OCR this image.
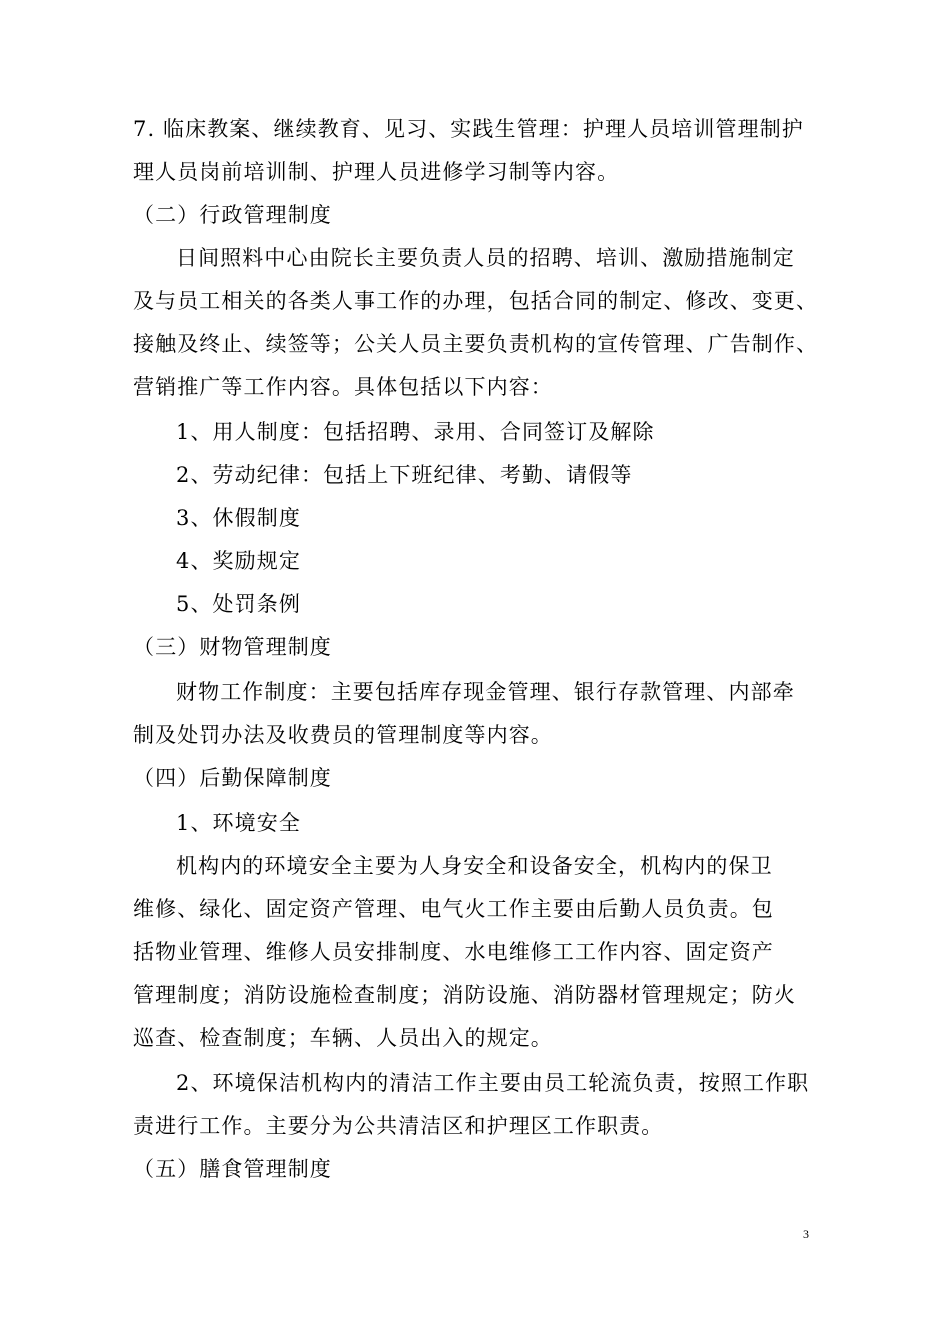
7. 临床教案、继续教育、见习、实践生管理：护理人员培训管理制护
理人员岗前培训制、护理人员进修学习制等内容。
（二）行政管理制度
日间照料中心由院长主要负责人员的招聘、培训、激励措施制定
及与员工相关的各类人事工作的办理，包括合同的制定、修改、变更、
接触及终止、续签等；公关人员主要负责机构的宣传管理、广告制作、
营销推广等工作内容。具体包括以下内容：
1、用人制度：包括招聘、录用、合同签订及解除
2、劳动纪律：包括上下班纪律、考勤、请假等
3、休假制度
4、奖励规定
5、处罚条例
（三）财物管理制度
财物工作制度：主要包括库存现金管理、银行存款管理、内部牵
制及处罚办法及收费员的管理制度等内容。
（四）后勤保障制度
1、环境安全
机构内的环境安全主要为人身安全和设备安全，机构内的保卫
维修、绿化、固定资产管理、电气火工作主要由后勤人员负责。包
括物业管理、维修人员安排制度、水电维修工工作内容、固定资产
管理制度；消防设施检查制度；消防设施、消防器材管理规定；防火
巡查、检查制度；车辆、人员出入的规定。
2、环境保洁机构内的清洁工作主要由员工轮流负责，按照工作职
责进行工作。主要分为公共清洁区和护理区工作职责。
（五）膳食管理制度
3
